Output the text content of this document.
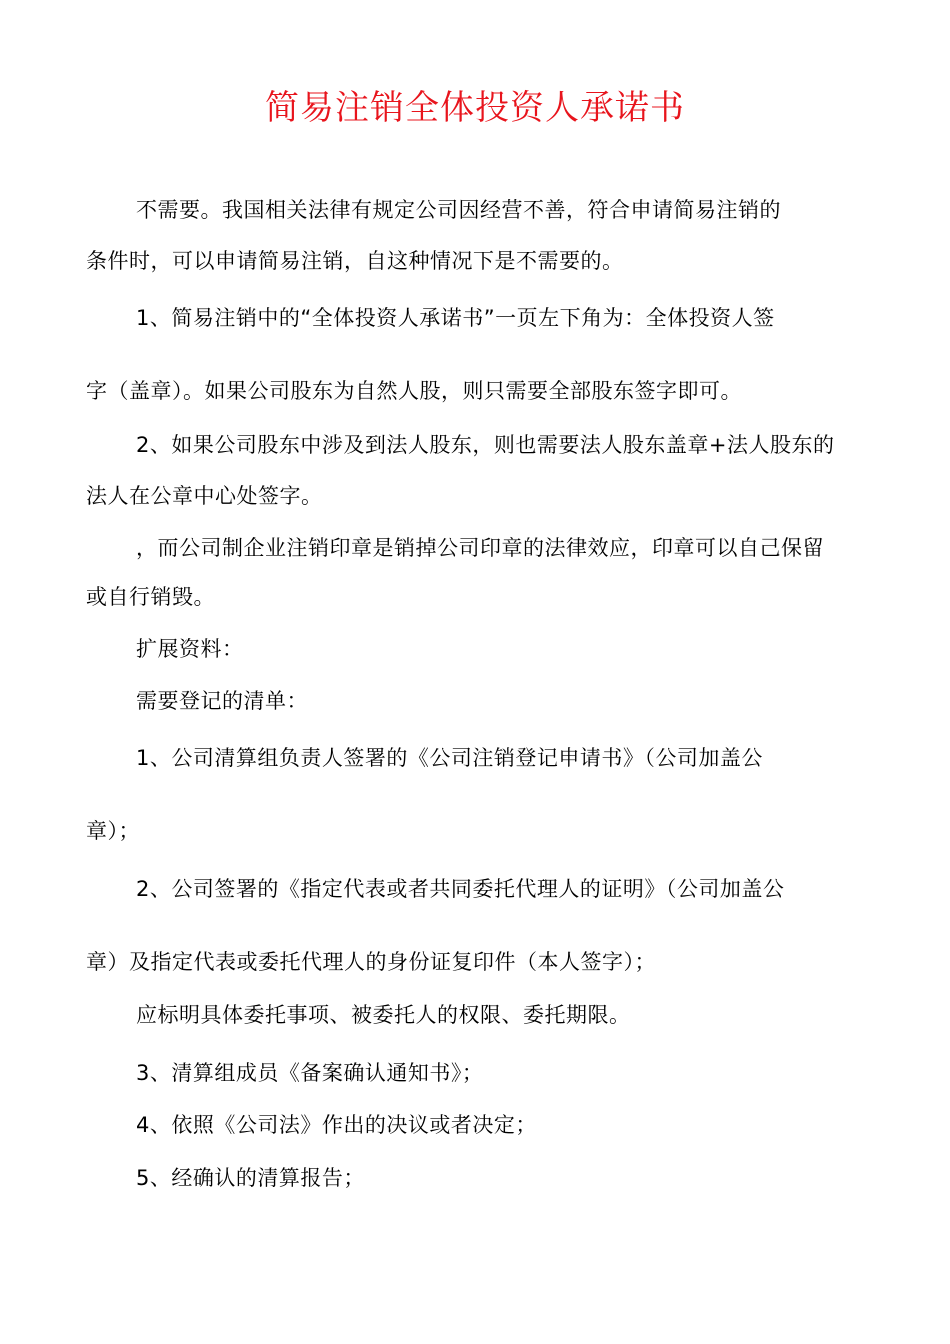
简易注销全体投资人承诺书
不需要。我国相关法律有规定公司因经营不善，符合申请简易注销的
条件时，可以申请简易注销，自这种情况下是不需要的。
1、简易注销中的“全体投资人承诺书”一页左下角为：全体投资人签
字（盖章）。如果公司股东为自然人股，则只需要全部股东签字即可。
2、如果公司股东中涉及到法人股东，则也需要法人股东盖章+法人股东的
法人在公章中心处签字。
，而公司制企业注销印章是销掉公司印章的法律效应，印章可以自己保留
或自行销毁。
扩展资料：
需要登记的清单：
1、公司清算组负责人签署的《公司注销登记申请书》（公司加盖公
章）；
2、公司签署的《指定代表或者共同委托代理人的证明》（公司加盖公
章）及指定代表或委托代理人的身份证复印件（本人签字）；
应标明具体委托事项、被委托人的权限、委托期限。
3、清算组成员《备案确认通知书》；
4、依照《公司法》作出的决议或者决定；
5、经确认的清算报告；
